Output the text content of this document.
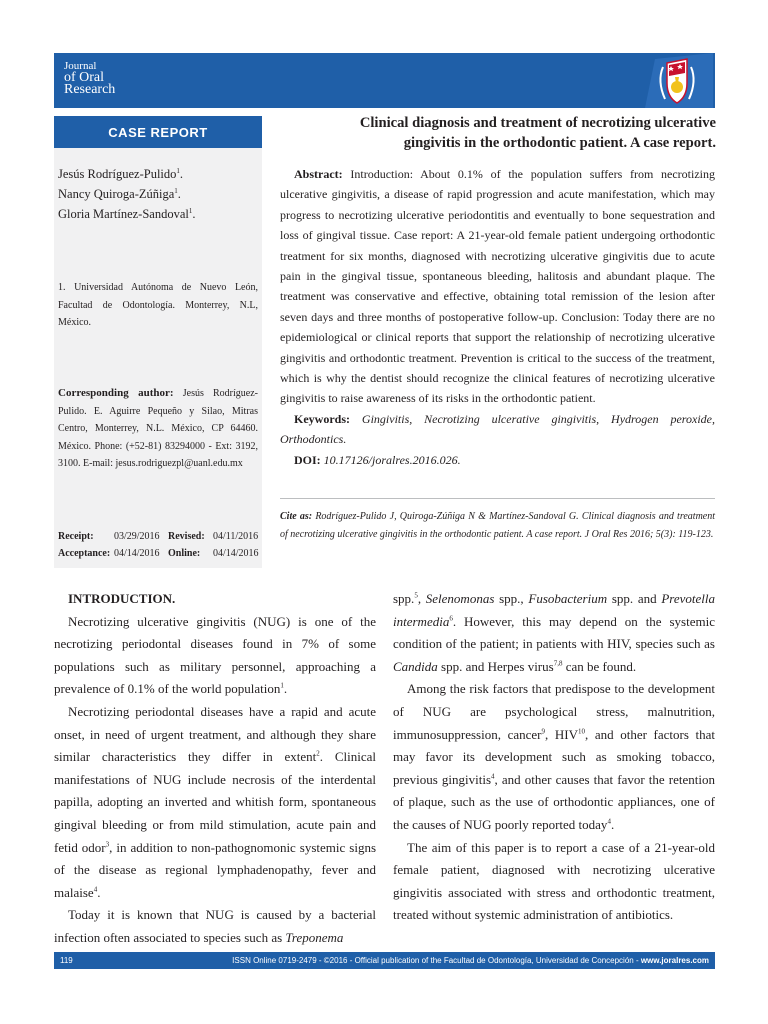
Journal
of Oral
Research
CASE REPORT
Jesús Rodríguez-Pulido$^1$.
Nancy Quiroga-Zúñiga$^1$.
Gloria Martínez-Sandoval$^1$.
1. Universidad Autónoma de Nuevo León, Facultad de Odontología. Monterrey, N.L, México.
Corresponding author: Jesús Rodríguez-Pulido. E. Aguirre Pequeño y Silao, Mitras Centro, Monterrey, N.L. México, CP 64460. México. Phone: (+52-81) 83294000 - Ext: 3192, 3100. E-mail: jesus.rodriguezpl@uanl.edu.mx
Receipt:	03/29/2016 Revised: 04/11/2016
Acceptance: 04/14/2016 Online:	04/14/2016
Clinical diagnosis and treatment of necrotizing ulcerative
gingivitis in the orthodontic patient. A case report.

Abstract: Introduction: About 0.1% of the population suffers from necrotizing ulcerative gingivitis, a disease of rapid progression and acute manifestation, which may progress to necrotizing ulcerative periodontitis and eventually to bone sequestration and loss of gingival tissue. Case report: A 21-year-old female patient undergoing orthodontic treatment for six months, diagnosed with necrotizing ulcerative gingivitis due to acute pain in the gingival tissue, spontaneous bleeding, halitosis and abundant plaque. The treatment was conservative and effective, obtaining total remission of the lesion after seven days and three months of postoperative follow-up. Conclusion: Today there are no epidemiological or clinical reports that support the relationship of necrotizing ulcerative gingivitis and orthodontic treatment. Prevention is critical to the success of the treatment, which is why the dentist should recognize the clinical features of necrotizing ulcerative gingivitis to raise awareness of its risks in the orthodontic patient.

Keywords: Gingivitis, Necrotizing ulcerative gingivitis, Hydrogen peroxide, Orthodontics.

DOI: 10.17126/joralres.2016.026.

Cite as: Rodríguez-Pulido J, Quiroga-Zúñiga N & Martínez-Sandoval G. Clinical diagnosis and treatment of necrotizing ulcerative gingivitis in the orthodontic patient. A case report. J Oral Res 2016; 5(3): 119-123.
INTRODUCTION.

Necrotizing ulcerative gingivitis (NUG) is one of the necrotizing periodontal diseases found in 7% of some populations such as military personnel, approaching a prevalence of 0.1% of the world population$^1$.

Necrotizing periodontal diseases have a rapid and acute onset, in need of urgent treatment, and although they share similar characteristics they differ in extent$^2$. Clinical manifestations of NUG include necrosis of the interdental papilla, adopting an inverted and whitish form, spontaneous gingival bleeding or from mild stimulation, acute pain and fetid odor$^3$, in addition to non-pathognomonic systemic signs of the disease as regional lymphadenopathy, fever and malaise$^4$.

Today it is known that NUG is caused by a bacterial infection often associated to species such as Treponema

spp.$^5$, Selenomonas spp., Fusobacterium spp. and Prevotella intermedia$^6$. However, this may depend on the systemic condition of the patient; in patients with HIV, species such as Candida spp. and Herpes virus$^{7,8}$ can be found.

Among the risk factors that predispose to the development of NUG are psychological stress, malnutrition, immunosuppression, cancer$^9$, HIV$^{10}$, and other factors that may favor its development such as smoking tobacco, previous gingivitis$^4$, and other causes that favor the retention of plaque, such as the use of orthodontic appliances, one of the causes of NUG poorly reported today$^4$.

The aim of this paper is to report a case of a 21-year-old female patient, diagnosed with necrotizing ulcerative gingivitis associated with stress and orthodontic treatment, treated without systemic administration of antibiotics.

119	ISSN Online 0719-2479 - ©2016 - Official publication of the Facultad de Odontología, Universidad de Concepción - www.joralres.com
